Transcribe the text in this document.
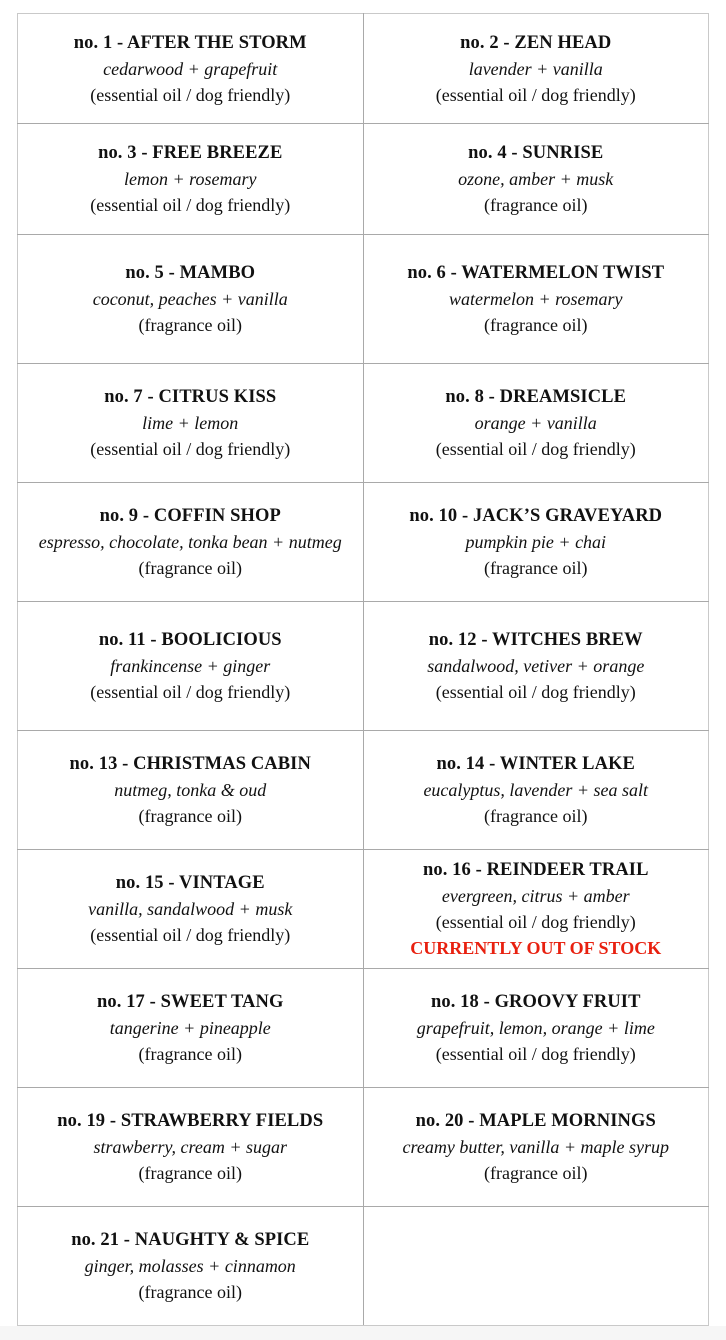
no. 1 - AFTER THE STORM
cedarwood + grapefruit
(essential oil / dog friendly)	no. 2 - ZEN HEAD
lavender + vanilla
(essential oil / dog friendly)

no. 3 - FREE BREEZE
lemon + rosemary
(essential oil / dog friendly)	no. 4 - SUNRISE
ozone, amber + musk
(fragrance oil)

no. 5 - MAMBO
coconut, peaches + vanilla
(fragrance oil)	no. 6 - WATERMELON TWIST
watermelon + rosemary
(fragrance oil)

no. 7 - CITRUS KISS
lime + lemon
(essential oil / dog friendly)	no. 8 - DREAMSICLE
orange + vanilla
(essential oil / dog friendly)

no. 9 - COFFIN SHOP
espresso, chocolate, tonka bean + nutmeg
(fragrance oil)	no. 10 - JACK’S GRAVEYARD
pumpkin pie + chai
(fragrance oil)

no. 11 - BOOLICIOUS
frankincense + ginger
(essential oil / dog friendly)	no. 12 - WITCHES BREW
sandalwood, vetiver + orange
(essential oil / dog friendly)

no. 13 - CHRISTMAS CABIN
nutmeg, tonka & oud
(fragrance oil)	no. 14 - WINTER LAKE
eucalyptus, lavender + sea salt
(fragrance oil)

no. 15 - VINTAGE
vanilla, sandalwood + musk
(essential oil / dog friendly)	no. 16 - REINDEER TRAIL
evergreen, citrus + amber
(essential oil / dog friendly)
CURRENTLY OUT OF STOCK

no. 17 - SWEET TANG
tangerine + pineapple
(fragrance oil)	no. 18 - GROOVY FRUIT
grapefruit, lemon, orange + lime
(essential oil / dog friendly)

no. 19 - STRAWBERRY FIELDS
strawberry, cream + sugar
(fragrance oil)	no. 20 - MAPLE MORNINGS
creamy butter, vanilla + maple syrup
(fragrance oil)

no. 21 - NAUGHTY & SPICE
ginger, molasses + cinnamon
(fragrance oil)	
